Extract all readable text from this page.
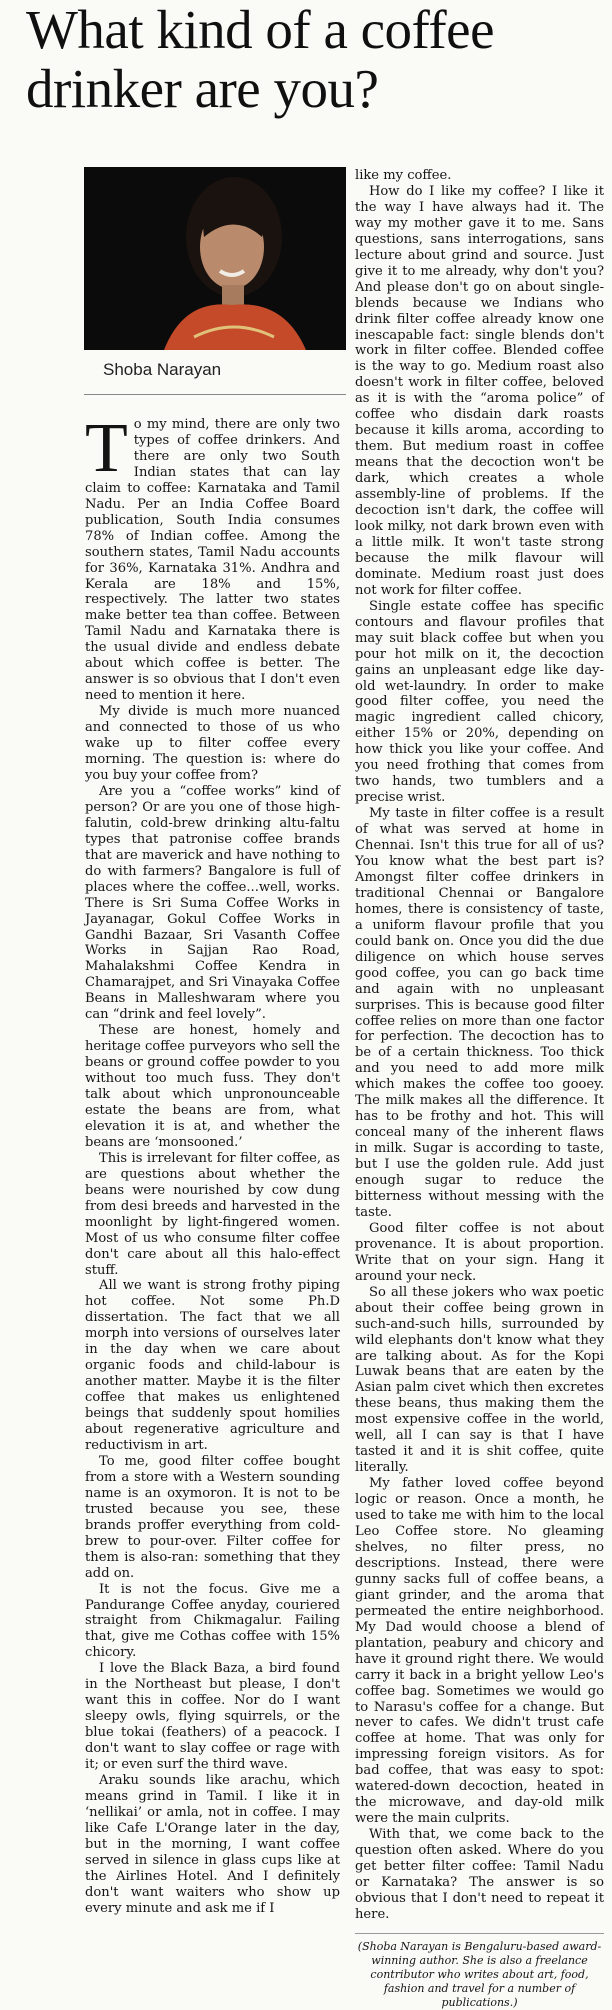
What kind of a coffee drinker are you?
Shoba Narayan

To my mind, there are only two types of coffee drinkers. And there are only two South Indian states that can lay claim to coffee: Karnataka and Tamil Nadu. Per an India Coffee Board publication, South India consumes 78% of Indian coffee. Among the southern states, Tamil Nadu accounts for 36%, Karnataka 31%. Andhra and Kerala are 18% and 15%, respectively. The latter two states make better tea than coffee. Between Tamil Nadu and Karnataka there is the usual divide and endless debate about which coffee is better. The answer is so obvious that I don't even need to mention it here.

My divide is much more nuanced and connected to those of us who wake up to filter coffee every morning. The question is: where do you buy your coffee from?

Are you a “coffee works” kind of person? Or are you one of those high-falutin, cold-brew drinking altu-faltu types that patronise coffee brands that are maverick and have nothing to do with farmers? Bangalore is full of places where the coffee...well, works. There is Sri Suma Coffee Works in Jayanagar, Gokul Coffee Works in Gandhi Bazaar, Sri Vasanth Coffee Works in Sajjan Rao Road, Mahalakshmi Coffee Kendra in Chamarajpet, and Sri Vinayaka Coffee Beans in Malleshwaram where you can “drink and feel lovely”.

These are honest, homely and heritage coffee purveyors who sell the beans or ground coffee powder to you without too much fuss. They don't talk about which unpronounceable estate the beans are from, what elevation it is at, and whether the beans are ‘monsooned.’

This is irrelevant for filter coffee, as are questions about whether the beans were nourished by cow dung from desi breeds and harvested in the moonlight by light-fingered women. Most of us who consume filter coffee don't care about all this halo-effect stuff.

All we want is strong frothy piping hot coffee. Not some Ph.D dissertation. The fact that we all morph into versions of ourselves later in the day when we care about organic foods and child-labour is another matter. Maybe it is the filter coffee that makes us enlightened beings that suddenly spout homilies about regenerative agriculture and reductivism in art.

To me, good filter coffee bought from a store with a Western sounding name is an oxymoron. It is not to be trusted because you see, these brands proffer everything from cold-brew to pour-over. Filter coffee for them is also-ran: something that they add on.

It is not the focus. Give me a Pandurange Coffee anyday, couriered straight from Chikmagalur. Failing that, give me Cothas coffee with 15% chicory.

I love the Black Baza, a bird found in the Northeast but please, I don't want this in coffee. Nor do I want sleepy owls, flying squirrels, or the blue tokai (feathers) of a peacock. I don't want to slay coffee or rage with it; or even surf the third wave.

Araku sounds like arachu, which means grind in Tamil. I like it in ‘nellikai’ or amla, not in coffee. I may like Cafe L'Orange later in the day, but in the morning, I want coffee served in silence in glass cups like at the Airlines Hotel. And I definitely don't want waiters who show up every minute and ask me if I

like my coffee.

How do I like my coffee? I like it the way I have always had it. The way my mother gave it to me. Sans questions, sans interrogations, sans lecture about grind and source. Just give it to me already, why don't you? And please don't go on about single-blends because we Indians who drink filter coffee already know one inescapable fact: single blends don't work in filter coffee. Blended coffee is the way to go. Medium roast also doesn't work in filter coffee, beloved as it is with the “aroma police” of coffee who disdain dark roasts because it kills aroma, according to them. But medium roast in coffee means that the decoction won't be dark, which creates a whole assembly-line of problems. If the decoction isn't dark, the coffee will look milky, not dark brown even with a little milk. It won't taste strong because the milk flavour will dominate. Medium roast just does not work for filter coffee.

Single estate coffee has specific contours and flavour profiles that may suit black coffee but when you pour hot milk on it, the decoction gains an unpleasant edge like day-old wet-laundry. In order to make good filter coffee, you need the magic ingredient called chicory, either 15% or 20%, depending on how thick you like your coffee. And you need frothing that comes from two hands, two tumblers and a precise wrist.

My taste in filter coffee is a result of what was served at home in Chennai. Isn't this true for all of us? You know what the best part is? Amongst filter coffee drinkers in traditional Chennai or Bangalore homes, there is consistency of taste, a uniform flavour profile that you could bank on. Once you did the due diligence on which house serves good coffee, you can go back time and again with no unpleasant surprises. This is because good filter coffee relies on more than one factor for perfection. The decoction has to be of a certain thickness. Too thick and you need to add more milk which makes the coffee too gooey. The milk makes all the difference. It has to be frothy and hot. This will conceal many of the inherent flaws in milk. Sugar is according to taste, but I use the golden rule. Add just enough sugar to reduce the bitterness without messing with the taste.

Good filter coffee is not about provenance. It is about proportion. Write that on your sign. Hang it around your neck.

So all these jokers who wax poetic about their coffee being grown in such-and-such hills, surrounded by wild elephants don't know what they are talking about. As for the Kopi Luwak beans that are eaten by the Asian palm civet which then excretes these beans, thus making them the most expensive coffee in the world, well, all I can say is that I have tasted it and it is shit coffee, quite literally.

My father loved coffee beyond logic or reason. Once a month, he used to take me with him to the local Leo Coffee store. No gleaming shelves, no filter press, no descriptions. Instead, there were gunny sacks full of coffee beans, a giant grinder, and the aroma that permeated the entire neighborhood. My Dad would choose a blend of plantation, peabury and chicory and have it ground right there. We would carry it back in a bright yellow Leo's coffee bag. Sometimes we would go to Narasu's coffee for a change. But never to cafes. We didn't trust cafe coffee at home. That was only for impressing foreign visitors. As for bad coffee, that was easy to spot: watered-down decoction, heated in the microwave, and day-old milk were the main culprits.

With that, we come back to the question often asked. Where do you get better filter coffee: Tamil Nadu or Karnataka? The answer is so obvious that I don't need to repeat it here.

(Shoba Narayan is Bengaluru-based award-winning author. She is also a freelance contributor who writes about art, food, fashion and travel for a number of publications.)
